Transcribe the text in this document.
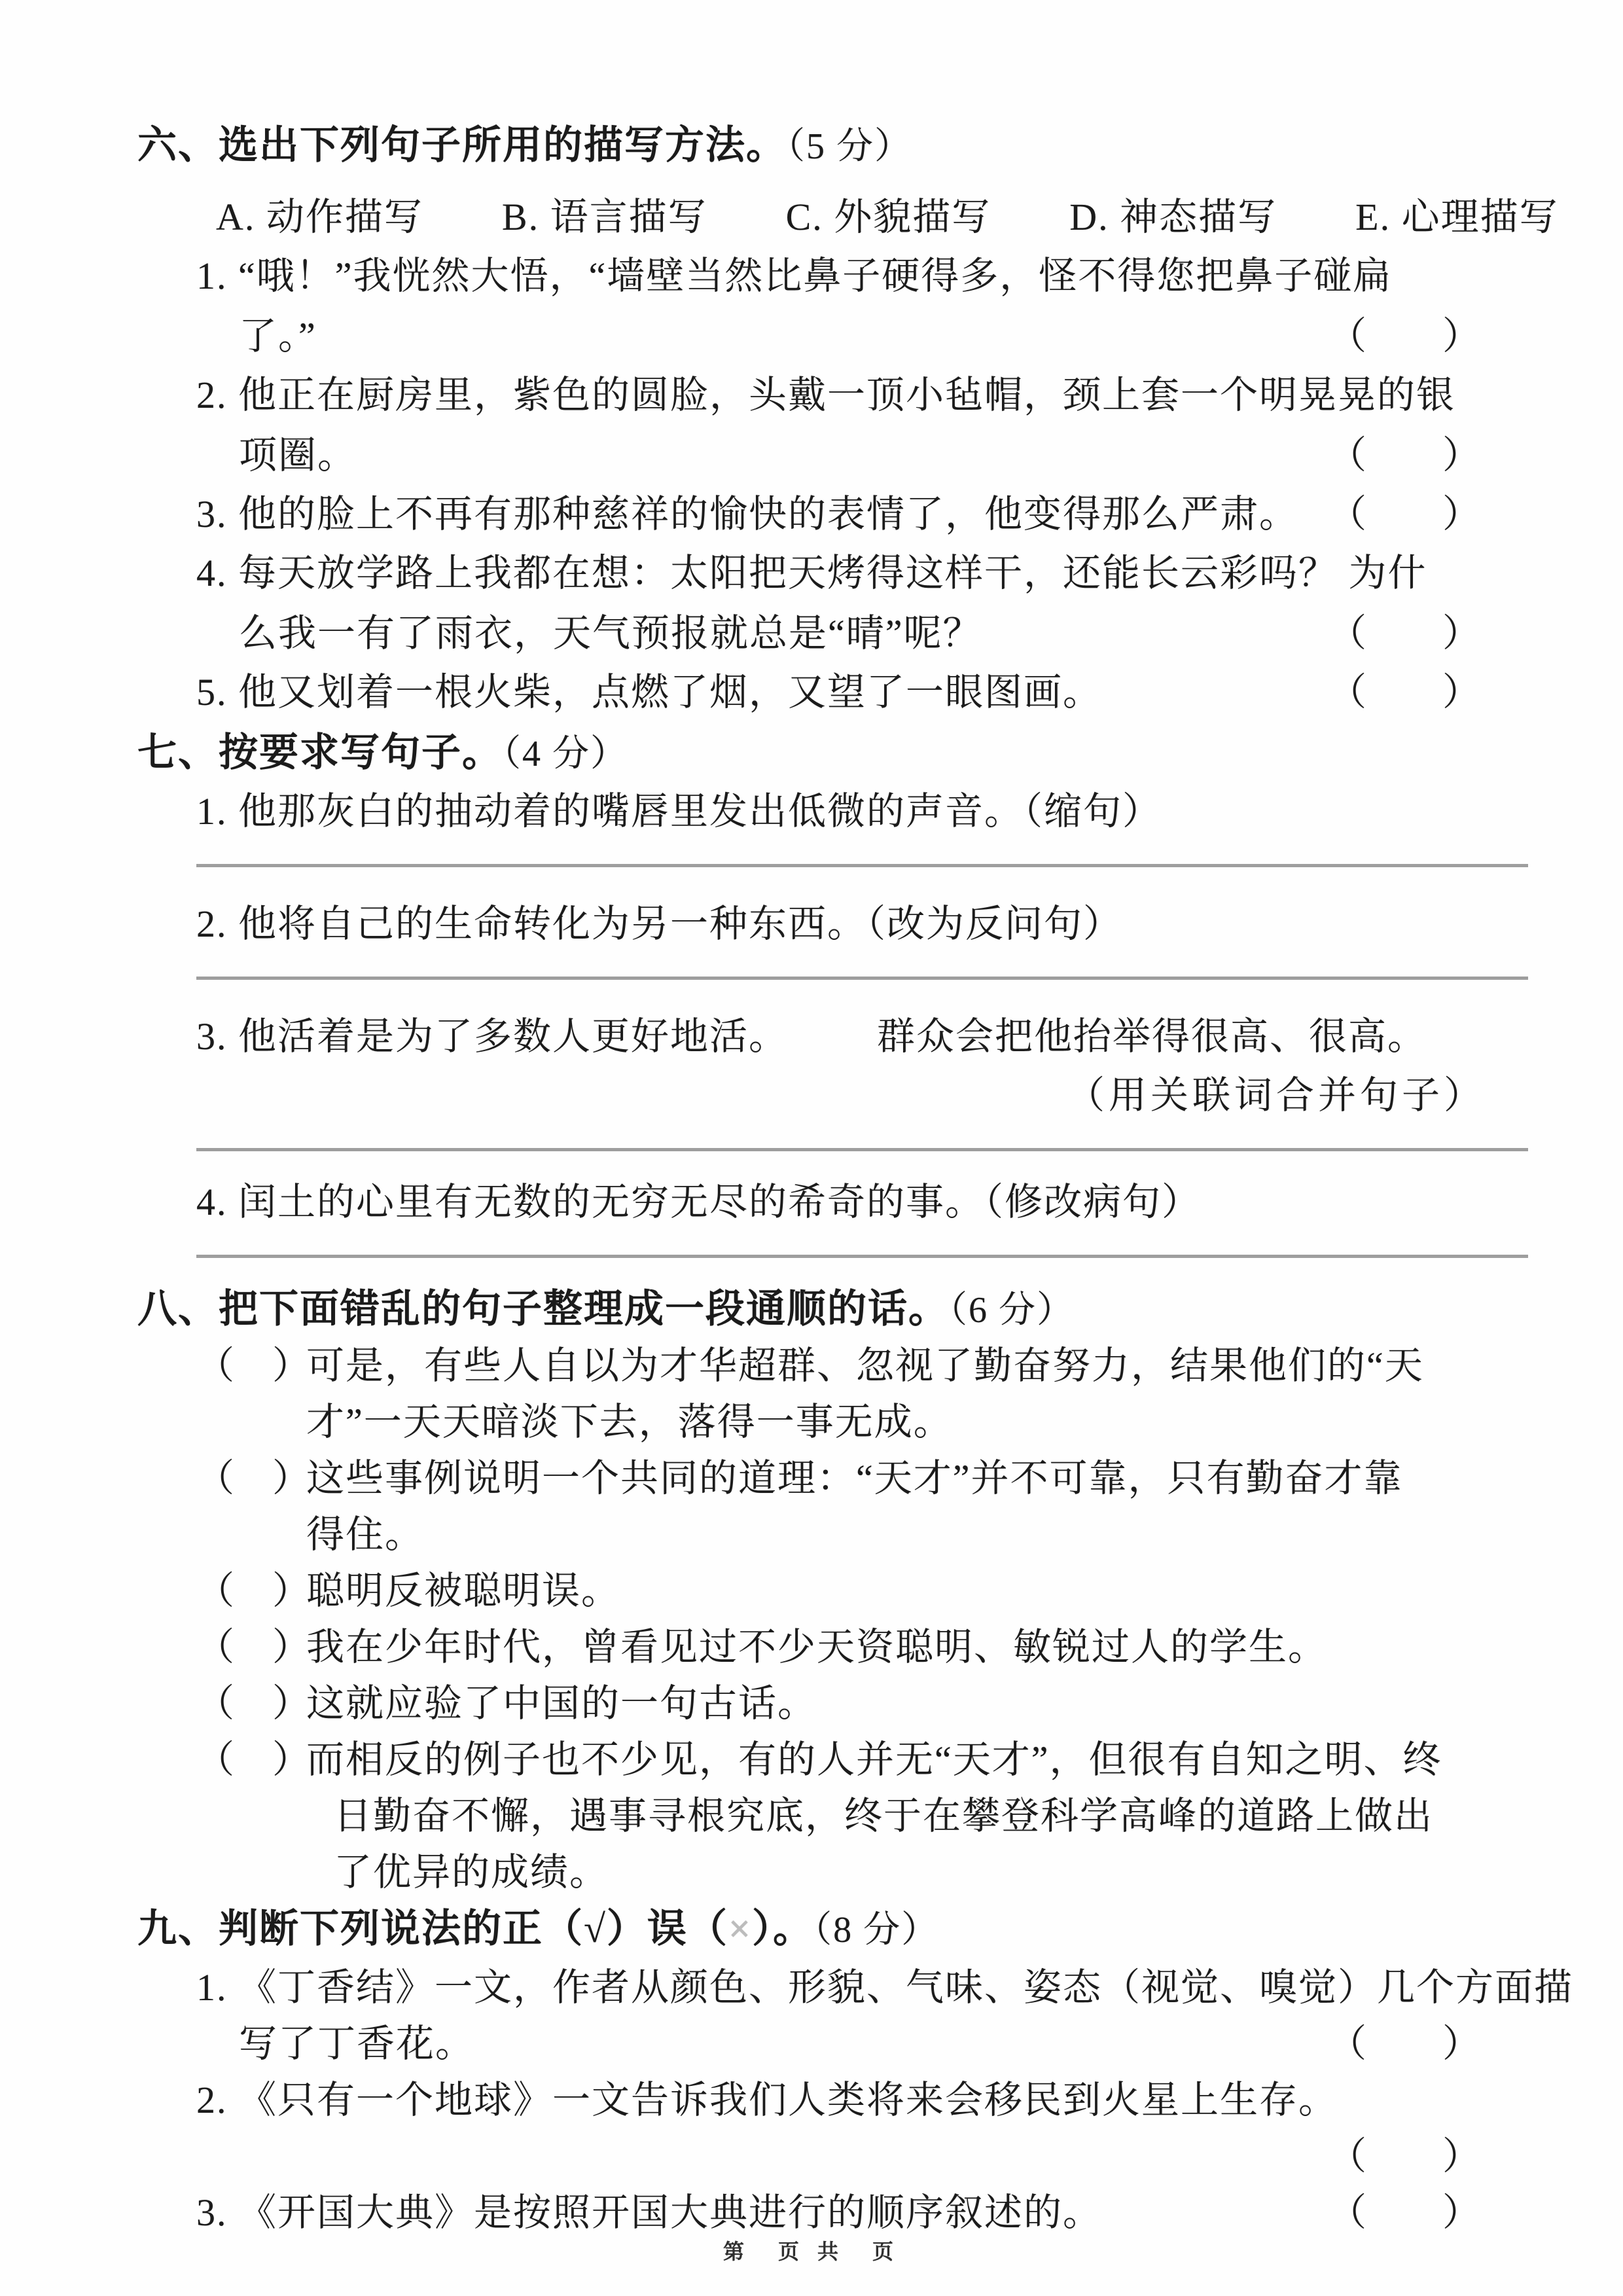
六、选出下列句子所用的描写方法。（5 分）
A. 动作描写　　B. 语言描写　　C. 外貌描写　　D. 神态描写　　E. 心理描写
1. “哦！”我恍然大悟，“墙壁当然比鼻子硬得多，怪不得您把鼻子碰扁
了。”	（　　）
2. 他正在厨房里，紫色的圆脸，头戴一顶小毡帽，颈上套一个明晃晃的银
项圈。	（　　）
3. 他的脸上不再有那种慈祥的愉快的表情了，他变得那么严肃。 （　　）
4. 每天放学路上我都在想：太阳把天烤得这样干，还能长云彩吗？ 为什
么我一有了雨衣，天气预报就总是“晴”呢？	（　　）
5. 他又划着一根火柴，点燃了烟，又望了一眼图画。	（　　）
七、按要求写句子。（4 分）
1. 他那灰白的抽动着的嘴唇里发出低微的声音。（缩句）
2. 他将自己的生命转化为另一种东西。（改为反问句）
3. 他活着是为了多数人更好地活。 群众会把他抬举得很高、很高。
（用关联词合并句子）
4. 闰土的心里有无数的无穷无尽的希奇的事。（修改病句）
八、把下面错乱的句子整理成一段通顺的话。（6 分）
（　）
可是，有些人自以为才华超群、忽视了勤奋努力，结果他们的“天
才”一天天暗淡下去，落得一事无成。
（　）
这些事例说明一个共同的道理：“天才”并不可靠，只有勤奋才靠
得住。
（　）
聪明反被聪明误。
（　）
我在少年时代，曾看见过不少天资聪明、敏锐过人的学生。
（　）
这就应验了中国的一句古话。
（　）
而相反的例子也不少见，有的人并无“天才”，但很有自知之明、终
日勤奋不懈，遇事寻根究底，终于在攀登科学高峰的道路上做出
了优异的成绩。
九、判断下列说法的正（√）误（×）。（8 分）
1. 《丁香结》一文，作者从颜色、形貌、气味、姿态（视觉、嗅觉）几个方面描
写了丁香花。	（　　）
2. 《只有一个地球》一文告诉我们人类将来会移民到火星上生存。
（　　）
3. 《开国大典》是按照开国大典进行的顺序叙述的。	（　　）
第　页 共　页
